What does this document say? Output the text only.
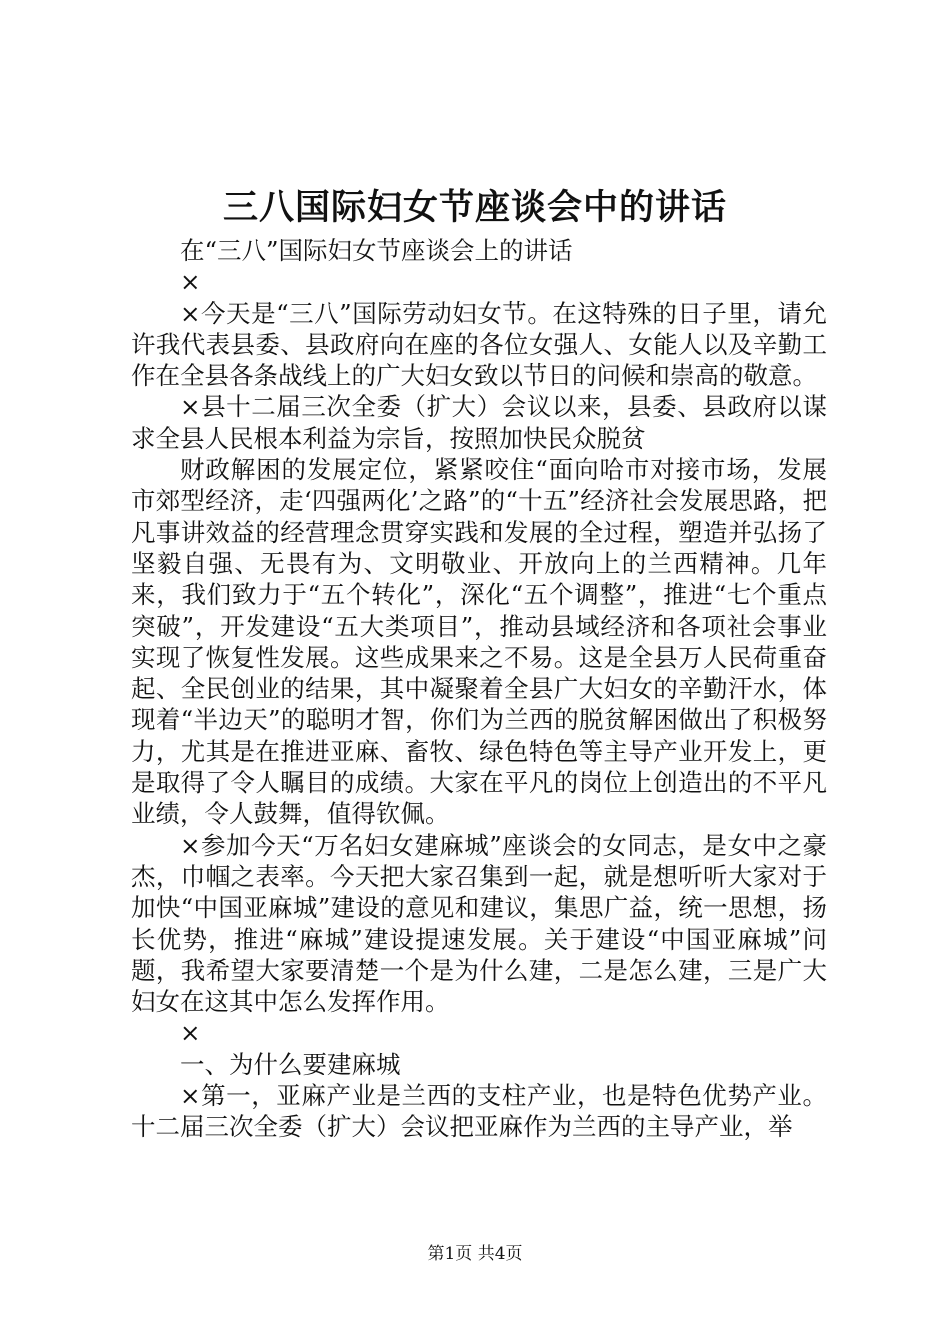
三八国际妇女节座谈会中的讲话

在“三八”国际妇女节座谈会上的讲话

×

×今天是“三八”国际劳动妇女节。在这特殊的日子里，请允许我代表县委、县政府向在座的各位女强人、女能人以及辛勤工作在全县各条战线上的广大妇女致以节日的问候和崇高的敬意。

×县十二届三次全委（扩大）会议以来，县委、县政府以谋求全县人民根本利益为宗旨，按照加快民众脱贫

财政解困的发展定位，紧紧咬住“面向哈市对接市场，发展市郊型经济，走‘四强两化’之路”的“十五”经济社会发展思路，把凡事讲效益的经营理念贯穿实践和发展的全过程，塑造并弘扬了坚毅自强、无畏有为、文明敬业、开放向上的兰西精神。几年来，我们致力于“五个转化”，深化“五个调整”，推进“七个重点突破”，开发建设“五大类项目”，推动县域经济和各项社会事业实现了恢复性发展。这些成果来之不易。这是全县万人民荷重奋起、全民创业的结果，其中凝聚着全县广大妇女的辛勤汗水，体现着“半边天”的聪明才智，你们为兰西的脱贫解困做出了积极努力，尤其是在推进亚麻、畜牧、绿色特色等主导产业开发上，更是取得了令人瞩目的成绩。大家在平凡的岗位上创造出的不平凡业绩，令人鼓舞，值得钦佩。

×参加今天“万名妇女建麻城”座谈会的女同志，是女中之豪杰，巾帼之表率。今天把大家召集到一起，就是想听听大家对于加快“中国亚麻城”建设的意见和建议，集思广益，统一思想，扬长优势，推进“麻城”建设提速发展。关于建设“中国亚麻城”问题，我希望大家要清楚一个是为什么建，二是怎么建，三是广大妇女在这其中怎么发挥作用。

×

一、为什么要建麻城

×第一，亚麻产业是兰西的支柱产业，也是特色优势产业。十二届三次全委（扩大）会议把亚麻作为兰西的主导产业，举

第1页 共4页
